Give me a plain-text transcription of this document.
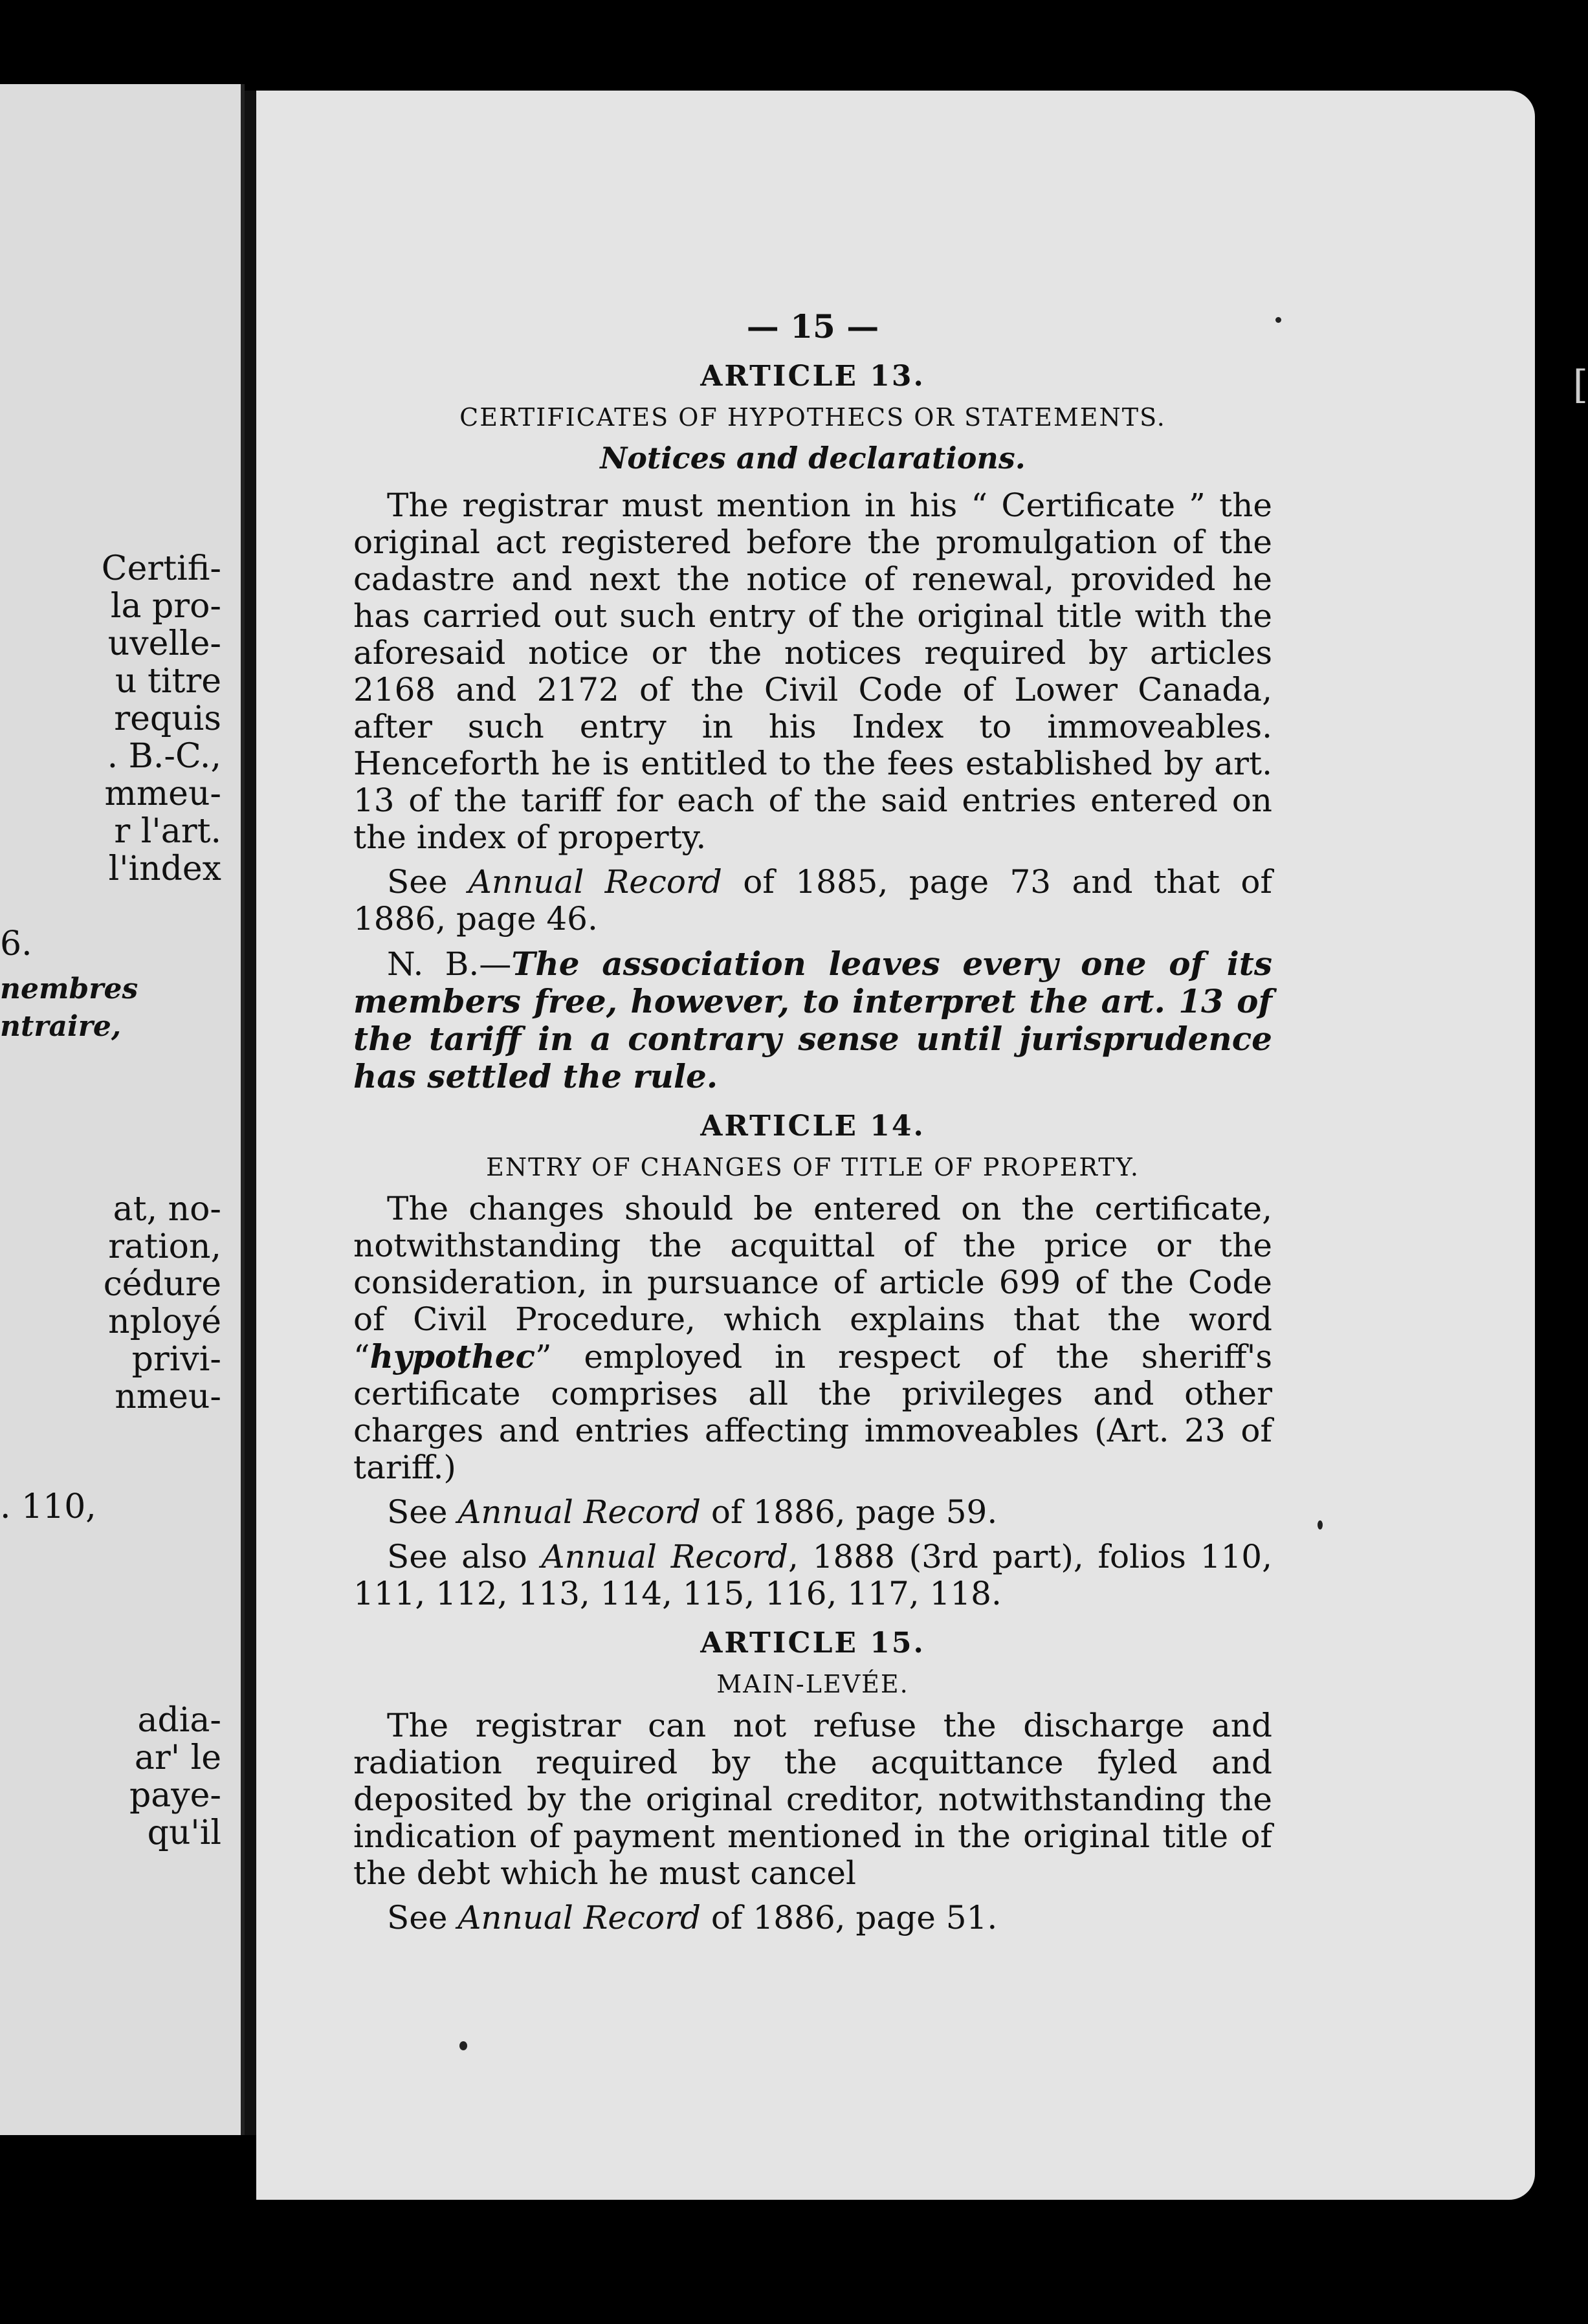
Certifi-
la pro-
uvelle-
u titre
requis
. B.-C.,
mmeu-
r l'art.
l'index
6.
nembres
ntraire,
at, no-
ration,
cédure
nployé
privi-
nmeu-
. 110,
adia-
ar' le
paye-
qu'il
[
— 15 —
ARTICLE 13.
CERTIFICATES OF HYPOTHECS OR STATEMENTS.
Notices and declarations.

The registrar must mention in his “ Certificate ” the original act registered before the promulgation of the cadastre and next the notice of renewal, provided he has carried out such entry of the original title with the aforesaid notice or the notices required by articles 2168 and 2172 of the Civil Code of Lower Canada, after such entry in his Index to immoveables. Henceforth he is entitled to the fees established by art. 13 of the tariff for each of the said entries entered on the index of property.

See Annual Record of 1885, page 73 and that of 1886, page 46.

N. B.—The association leaves every one of its members free, however, to interpret the art. 13 of the tariff in a contrary sense until jurisprudence has settled the rule.

ARTICLE 14.
ENTRY OF CHANGES OF TITLE OF PROPERTY.

The changes should be entered on the certificate, notwithstanding the acquittal of the price or the consideration, in pursuance of article 699 of the Code of Civil Procedure, which explains that the word “hypothec” employed in respect of the sheriff's certificate comprises all the privileges and other charges and entries affecting immoveables (Art. 23 of tariff.)

See Annual Record of 1886, page 59.

See also Annual Record, 1888 (3rd part), folios 110, 111, 112, 113, 114, 115, 116, 117, 118.

ARTICLE 15.
MAIN-LEVÉE.

The registrar can not refuse the discharge and radiation required by the acquittance fyled and deposited by the original creditor, notwithstanding the indication of payment mentioned in the original title of the debt which he must cancel

See Annual Record of 1886, page 51.
